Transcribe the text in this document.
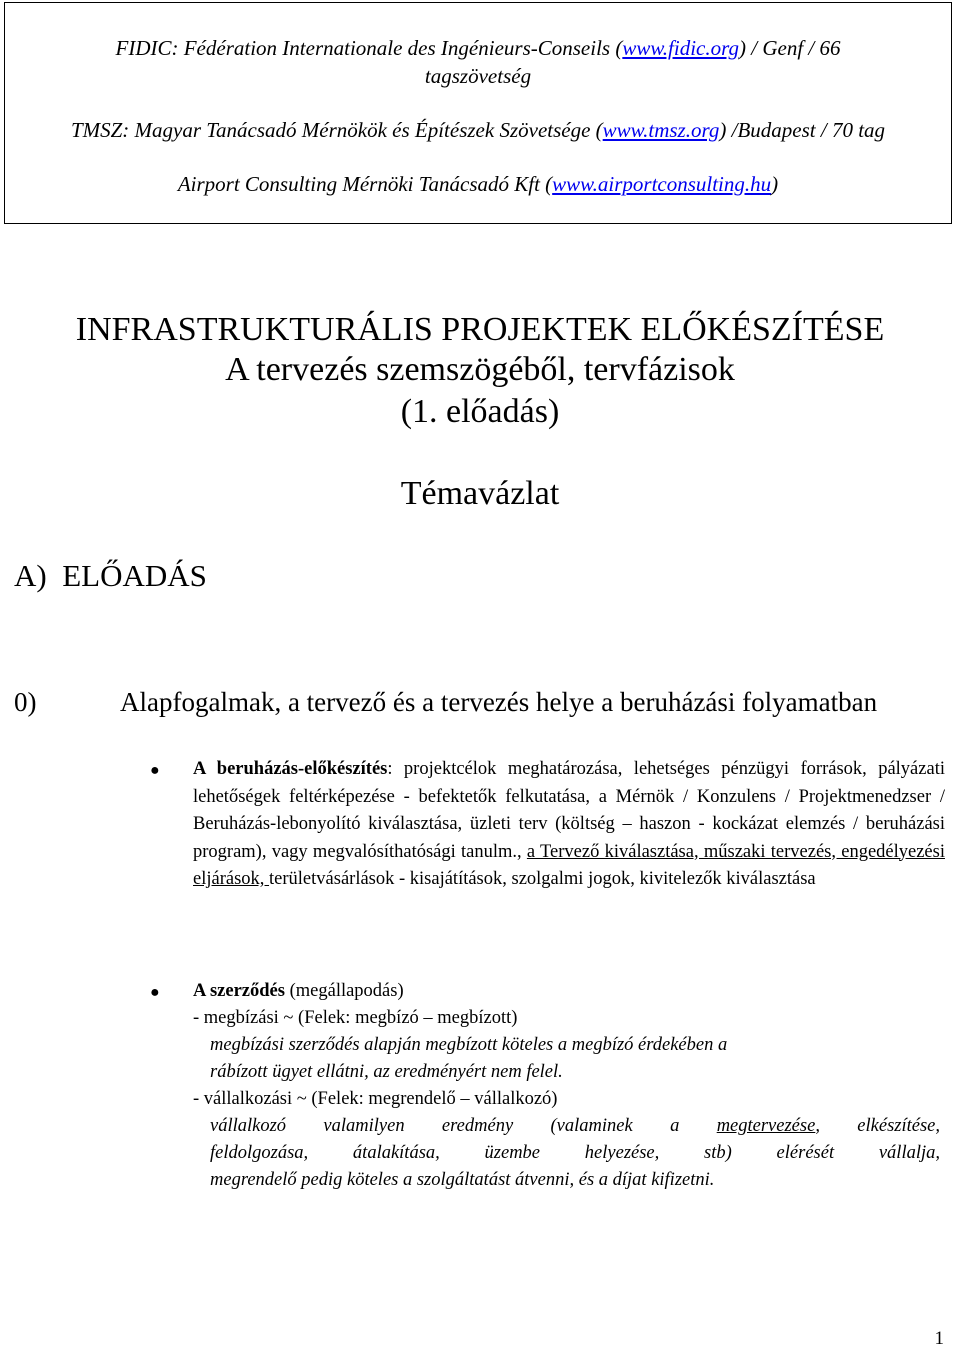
FIDIC: Fédération Internationale des Ingénieurs-Conseils (www.fidic.org) / Genf / 66
tagszövetség
TMSZ: Magyar Tanácsadó Mérnökök és Építészek Szövetsége (www.tmsz.org) /Budapest / 70 tag
Airport Consulting Mérnöki Tanácsadó Kft (www.airportconsulting.hu)
INFRASTRUKTURÁLIS PROJEKTEK ELŐKÉSZÍTÉSE
A tervezés szemszögéből, tervfázisok
(1. előadás)
Témavázlat
A) ELŐADÁS
0)	Alapfogalmak, a tervező és a tervezés helye a beruházási folyamatban
● A beruházás-előkészítés: projektcélok meghatározása, lehetséges pénzügyi források, pályázati lehetőségek feltérképezése - befektetők felkutatása, a Mérnök / Konzulens / Projektmenedzser / Beruházás-lebonyolító kiválasztása, üzleti terv (költség – haszon - kockázat elemzés / beruházási program), vagy megvalósíthatósági tanulm., a Tervező kiválasztása, műszaki tervezés, engedélyezési eljárások, területvásárlások - kisajátítások, szolgalmi jogok, kivitelezők kiválasztása
● A szerződés (megállapodás)
- megbízási ~ (Felek: megbízó – megbízott)
megbízási szerződés alapján megbízott köteles a megbízó érdekében a
rábízott ügyet ellátni, az eredményért nem felel.
- vállalkozási ~ (Felek: megrendelő – vállalkozó)
vállalkozó valamilyen eredmény (valaminek a megtervezése, elkészítése,
feldolgozása, átalakítása, üzembe helyezése, stb) elérését vállalja,
megrendelő pedig köteles a szolgáltatást átvenni, és a díjat kifizetni.
1
